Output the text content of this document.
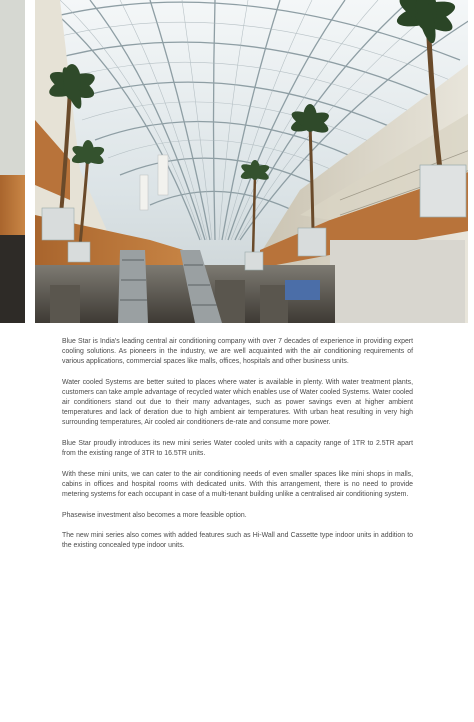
Blue Star is India's leading central air conditioning company with over 7 decades of experience in providing expert cooling solutions. As pioneers in the industry, we are well acquainted with the air conditioning requirements of various applications, commercial spaces like malls, offices, hospitals and other business units.

Water cooled Systems are better suited to places where water is available in plenty. With water treatment plants, customers can take ample advantage of recycled water which enables use of Water cooled Systems. Water cooled air conditioners stand out due to their many advantages, such as power savings even at higher ambient temperatures and lack of deration due to high ambient air temperatures. With urban heat resulting in very high surrounding temperatures, Air cooled air conditioners de-rate and consume more power.

Blue Star proudly introduces its new mini series Water cooled units with a capacity range of 1TR to 2.5TR apart from the existing range of 3TR to 16.5TR units.

With these mini units, we can cater to the air conditioning needs of even smaller spaces like mini shops in malls, cabins in offices and hospital rooms with dedicated units. With this arrangement, there is no need to provide metering systems for each occupant in case of a multi-tenant building unlike a centralised air conditioning system.

Phasewise investment also becomes a more feasible option.

The new mini series also comes with added features such as Hi-Wall and Cassette type indoor units in addition to the existing concealed type indoor units.
